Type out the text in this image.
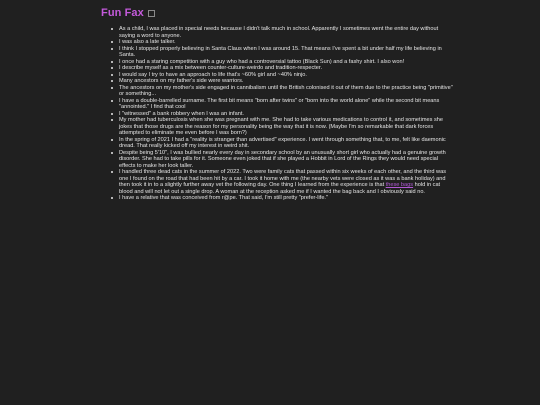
Fun Fax
As a child, I was placed in special needs because I didn't talk much in school. Apparently I sometimes went the entire day without saying a word to anyone.
I was also a late talker.
I think I stopped properly believing in Santa Claus when I was around 15. That means I've spent a bit under half my life believing in Santa.
I once had a staring competition with a guy who had a controversial tattoo (Black Sun) and a fashy shirt. I also won!
I describe myself as a mix between counter-culture-weirdo and tradition-respecter.
I would say I try to have an approach to life that's ~60% girl and ~40% ninjo.
Many ancestors on my father's side were warriors.
The ancestors on my mother's side engaged in cannibalism until the British colonised it out of them due to the practice being "primitive" or something...
I have a double-barrelled surname. The first bit means "born after twins" or "born into the world alone" while the second bit means "annointed." I find that cool
I "witnessed" a bank robbery when I was an infant.
My mother had tuberculosis when she was pregnant with me. She had to take various medications to control it, and sometimes she jokes that those drugs are the reason for my personality being the way that it is now. (Maybe I'm so remarkable that dark forces attempted to eliminate me even before I was born?)
In the spring of 2021 I had a "reality is stranger than advertised" experience. I went through something that, to me, felt like daemonic dread. That really kicked off my interest in weird shit.
Despite being 5'10", I was bullied nearly every day in secondary school by an unusually short girl who actually had a genuine growth disorder. She had to take pills for it. Someone even joked that if she played a Hobbit in Lord of the Rings they would need special effects to make her look taller.
I handled three dead cats in the summer of 2022. Two were family cats that passed within six weeks of each other, and the third was one I found on the road that had been hit by a car. I took it home with me (the nearby vets were closed as it was a bank holiday) and then took it in to a slightly further away vet the following day. One thing I learned from the experience is that these bags hold in cat blood and will not let out a single drop. A woman at the reception asked me if I wanted the bag back and I obviously said no.
I have a relative that was conceived from r@pe. That said, I'm still pretty "prefer-life."
